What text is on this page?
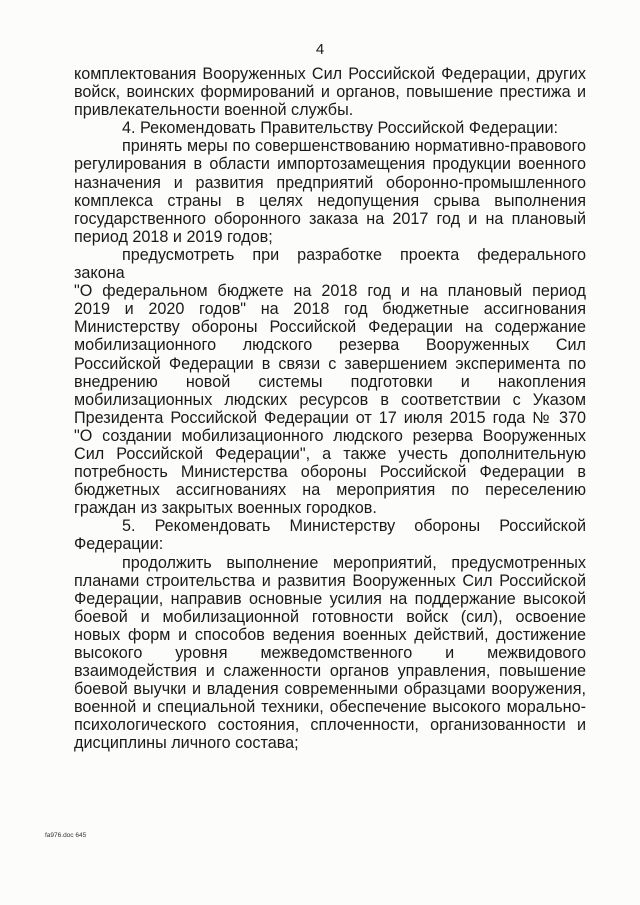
4
комплектования Вооруженных Сил Российской Федерации, других
войск, воинских формирований и органов, повышение престижа и
привлекательности военной службы.
4. Рекомендовать Правительству Российской Федерации:
принять меры по совершенствованию нормативно-правового
регулирования в области импортозамещения продукции военного
назначения и развития предприятий оборонно-промышленного
комплекса страны в целях недопущения срыва выполнения
государственного оборонного заказа на 2017 год и на плановый
период 2018 и 2019 годов;
предусмотреть при разработке проекта федерального закона
"О федеральном бюджете на 2018 год и на плановый период
2019 и 2020 годов" на 2018 год бюджетные ассигнования
Министерству обороны Российской Федерации на содержание
мобилизационного людского резерва Вооруженных Сил
Российской Федерации в связи с завершением эксперимента по
внедрению новой системы подготовки и накопления
мобилизационных людских ресурсов в соответствии с Указом
Президента Российской Федерации от 17 июля 2015 года № 370
"О создании мобилизационного людского резерва Вооруженных
Сил Российской Федерации", а также учесть дополнительную
потребность Министерства обороны Российской Федерации в
бюджетных ассигнованиях на мероприятия по переселению
граждан из закрытых военных городков.
5. Рекомендовать Министерству обороны Российской
Федерации:
продолжить выполнение мероприятий, предусмотренных
планами строительства и развития Вооруженных Сил Российской
Федерации, направив основные усилия на поддержание высокой
боевой и мобилизационной готовности войск (сил), освоение
новых форм и способов ведения военных действий, достижение
высокого уровня межведомственного и межвидового
взаимодействия и слаженности органов управления, повышение
боевой выучки и владения современными образцами вооружения,
военной и специальной техники, обеспечение высокого морально-
психологического состояния, сплоченности, организованности и
дисциплины личного состава;
fa976.doc 645
